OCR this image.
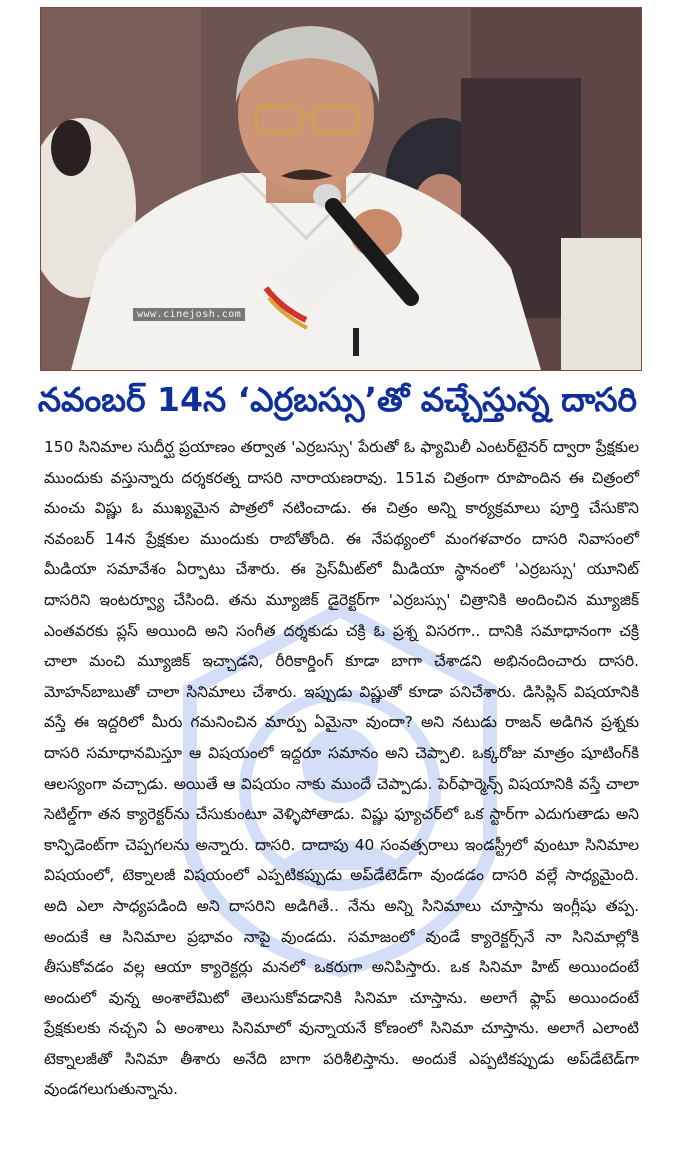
www.cinejosh.com
నవంబర్ 14న ‘ఎర్రబస్సు’తో వచ్చేస్తున్న దాసరి

150 సినిమాల సుదీర్ఘ ప్రయాణం తర్వాత 'ఎర్రబస్సు' పేరుతో ఓ ఫ్యామిలీ ఎంటర్‌టైనర్ ద్వారా ప్రేక్షకుల ముందుకు వస్తున్నారు దర్శకరత్న దాసరి నారాయణరావు. 151వ చిత్రంగా రూపొందిన ఈ చిత్రంలో మంచు విష్ణు ఓ ముఖ్యమైన పాత్రలో నటించాడు. ఈ చిత్రం అన్ని కార్యక్రమాలు పూర్తి చేసుకొని నవంబర్ 14న ప్రేక్షకుల ముందుకు రాబోతోంది. ఈ నేపథ్యంలో మంగళవారం దాసరి నివాసంలో మీడియా సమావేశం ఏర్పాటు చేశారు. ఈ ప్రెస్‌మీట్‌లో మీడియా స్థానంలో 'ఎర్రబస్సు' యూనిట్ దాసరిని ఇంటర్వ్యూ చేసింది. తను మ్యూజిక్ డైరెక్టర్‌గా 'ఎర్రబస్సు' చిత్రానికి అందించిన మ్యూజిక్ ఎంతవరకు ప్లస్ అయింది అని సంగీత దర్శకుడు చక్రి ఓ ప్రశ్న విసరగా.. దానికి సమాధానంగా చక్రి చాలా మంచి మ్యూజిక్ ఇచ్చాడని, రీరికార్డింగ్ కూడా బాగా చేశాడని అభినందించారు దాసరి. మోహన్‌బాబుతో చాలా సినిమాలు చేశారు. ఇప్పుడు విష్ణుతో కూడా పనిచేశారు. డిసిప్లిన్ విషయానికి వస్తే ఈ ఇద్దరిలో మీరు గమనించిన మార్పు ఏమైనా వుందా? అని నటుడు రాజన్ అడిగిన ప్రశ్నకు దాసరి సమాధానమిస్తూ ఆ విషయంలో ఇద్దరూ సమానం అని చెప్పాలి. ఒక్కరోజు మాత్రం షూటింగ్‌కి ఆలస్యంగా వచ్చాడు. అయితే ఆ విషయం నాకు ముందే చెప్పాడు. పెర్‌ఫార్మెన్స్ విషయానికి వస్తే చాలా సెటిల్డ్‌గా తన క్యారెక్టర్‌ను చేసుకుంటూ వెళ్ళిపోతాడు. విష్ణు ఫ్యూచర్‌లో ఒక స్టార్‌గా ఎదుగుతాడు అని కాన్ఫిడెంట్‌గా చెప్పగలను అన్నారు. దాసరి. దాదాపు 40 సంవత్సరాలు ఇండస్ట్రీలో వుంటూ సినిమాల విషయంలో, టెక్నాలజీ విషయంలో ఎప్పటికప్పుడు అప్‌డేటెడ్‌గా వుండడం దాసరి వల్లే సాధ్యమైంది. అది ఎలా సాధ్యపడింది అని దాసరిని అడిగితే.. నేను అన్ని సినిమాలు చూస్తాను ఇంగ్లీషు తప్ప. అందుకే ఆ సినిమాల ప్రభావం నాపై వుండదు. సమాజంలో వుండే క్యారెక్టర్స్‌నే నా సినిమాల్లోకి తీసుకోవడం వల్ల ఆయా క్యారెక్టర్లు మనలో ఒకరుగా అనిపిస్తారు. ఒక సినిమా హిట్ అయిందంటే అందులో వున్న అంశాలేమిటో తెలుసుకోవడానికి సినిమా చూస్తాను. అలాగే ఫ్లాప్ అయిందంటే ప్రేక్షకులకు నచ్చని ఏ అంశాలు సినిమాలో వున్నాయనే కోణంలో సినిమా చూస్తాను. అలాగే ఎలాంటి టెక్నాలజీతో సినిమా తీశారు అనేది బాగా పరిశీలిస్తాను. అందుకే ఎప్పటికప్పుడు అప్‌డేటెడ్‌గా వుండగలుగుతున్నాను.
